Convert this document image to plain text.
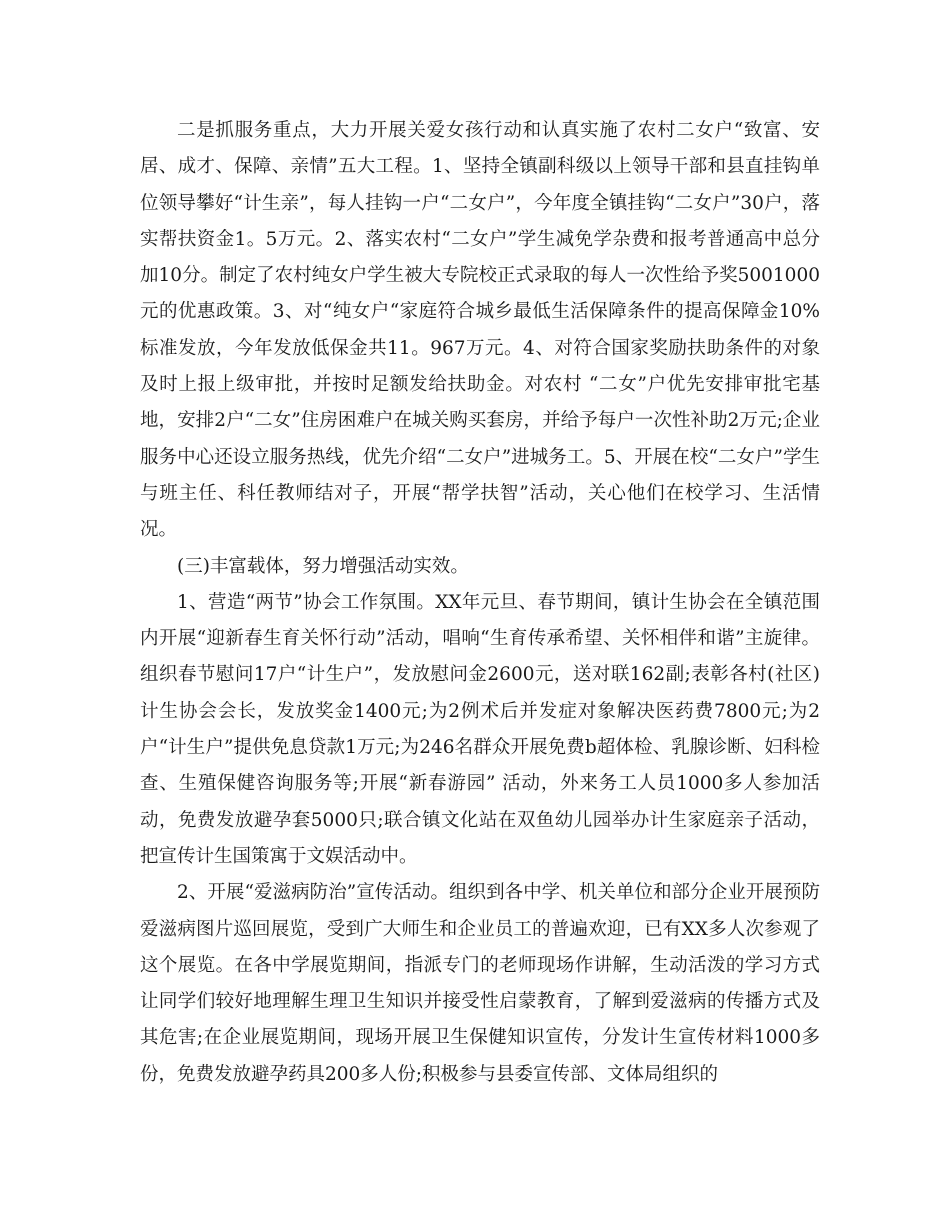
二是抓服务重点，大力开展关爱女孩行动和认真实施了农村二女户“致富、安居、成才、保障、亲情”五大工程。1、坚持全镇副科级以上领导干部和县直挂钩单位领导攀好“计生亲”，每人挂钩一户“二女户”，今年度全镇挂钩“二女户”30户，落实帮扶资金1。5万元。2、落实农村“二女户”学生减免学杂费和报考普通高中总分加10分。制定了农村纯女户学生被大专院校正式录取的每人一次性给予奖5001000元的优惠政策。3、对“纯女户“家庭符合城乡最低生活保障条件的提高保障金10%标准发放，今年发放低保金共11。967万元。4、对符合国家奖励扶助条件的对象及时上报上级审批，并按时足额发给扶助金。对农村 “二女”户优先安排审批宅基地，安排2户“二女”住房困难户在城关购买套房，并给予每户一次性补助2万元;企业服务中心还设立服务热线，优先介绍“二女户”进城务工。5、开展在校“二女户”学生与班主任、科任教师结对子，开展“帮学扶智”活动，关心他们在校学习、生活情况。

(三)丰富载体，努力增强活动实效。

1、营造“两节”协会工作氛围。XX年元旦、春节期间，镇计生协会在全镇范围内开展“迎新春生育关怀行动”活动，唱响“生育传承希望、关怀相伴和谐”主旋律。组织春节慰问17户“计生户”，发放慰问金2600元，送对联162副;表彰各村(社区)计生协会会长，发放奖金1400元;为2例术后并发症对象解决医药费7800元;为2户“计生户”提供免息贷款1万元;为246名群众开展免费b超体检、乳腺诊断、妇科检查、生殖保健咨询服务等;开展“新春游园” 活动，外来务工人员1000多人参加活动，免费发放避孕套5000只;联合镇文化站在双鱼幼儿园举办计生家庭亲子活动，把宣传计生国策寓于文娱活动中。

2、开展“爱滋病防治”宣传活动。组织到各中学、机关单位和部分企业开展预防爱滋病图片巡回展览，受到广大师生和企业员工的普遍欢迎，已有XX多人次参观了这个展览。在各中学展览期间，指派专门的老师现场作讲解，生动活泼的学习方式让同学们较好地理解生理卫生知识并接受性启蒙教育，了解到爱滋病的传播方式及其危害;在企业展览期间，现场开展卫生保健知识宣传，分发计生宣传材料1000多份，免费发放避孕药具200多人份;积极参与县委宣传部、文体局组织的
